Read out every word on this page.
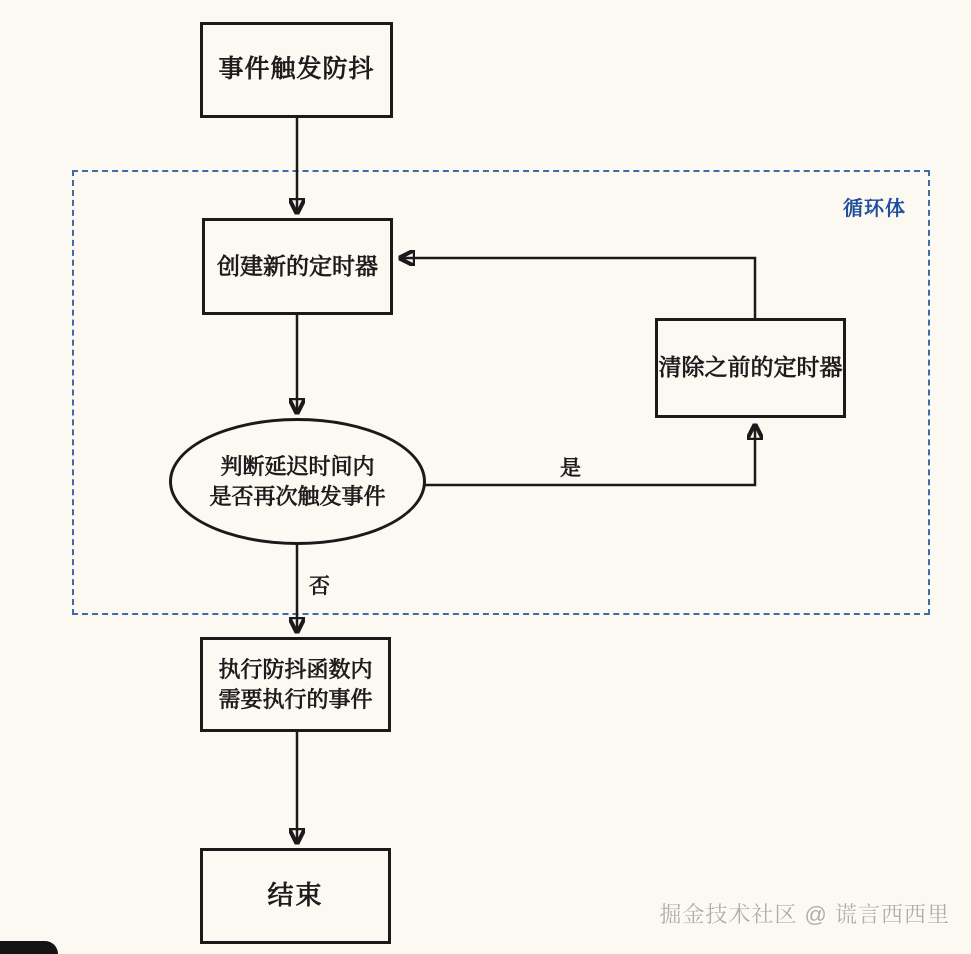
循环体
是
否
事件触发防抖
创建新的定时器
清除之前的定时器
判断延迟时间内
是否再次触发事件
执行防抖函数内
需要执行的事件
结束
掘金技术社区 @ 谎言西西里
